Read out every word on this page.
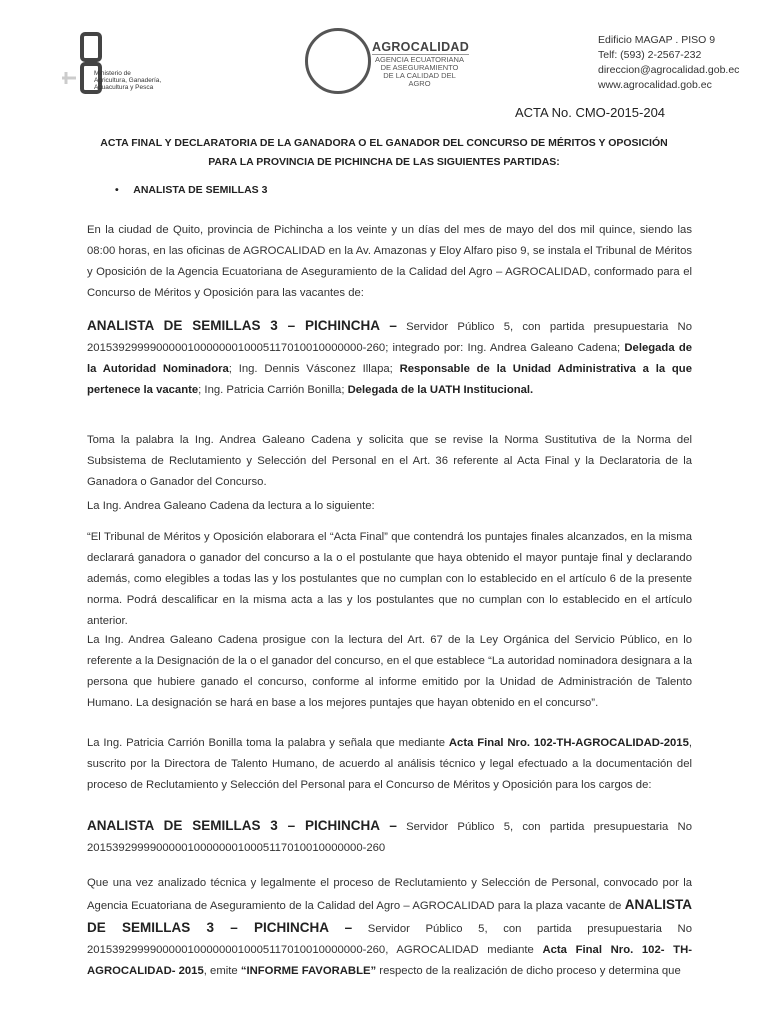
Ministerio de
Agricultura, Ganadería,
Acuacultura y Pesca
AGROCALIDAD
AGENCIA ECUATORIANA
DE ASEGURAMIENTO
DE LA CALIDAD DEL AGRO
Edificio MAGAP . PISO 9
Telf: (593) 2-2567-232
direccion@agrocalidad.gob.ec
www.agrocalidad.gob.ec
ACTA No. CMO-2015-204
ACTA FINAL Y DECLARATORIA DE LA GANADORA O EL GANADOR DEL CONCURSO DE MÉRITOS Y OPOSICIÓN
PARA LA PROVINCIA DE PICHINCHA DE LAS SIGUIENTES PARTIDAS:
•     ANALISTA DE SEMILLAS 3
En la ciudad de Quito, provincia de Pichincha a los veinte y un días del mes de mayo del dos mil quince, siendo las 08:00 horas, en las oficinas de AGROCALIDAD en la Av. Amazonas y Eloy Alfaro piso 9, se instala el Tribunal de Méritos y Oposición de la Agencia Ecuatoriana de Aseguramiento de la Calidad del Agro – AGROCALIDAD, conformado para el Concurso de Méritos y Oposición para las vacantes de:
ANALISTA DE SEMILLAS 3 – PICHINCHA – Servidor Público 5, con partida presupuestaria No 20153929999000001000000010005117010010000000-260; integrado por: Ing. Andrea Galeano Cadena; Delegada de la Autoridad Nominadora; Ing. Dennis Vásconez Illapa; Responsable de la Unidad Administrativa a la que pertenece la vacante; Ing. Patricia Carrión Bonilla; Delegada de la UATH Institucional.
Toma la palabra la Ing. Andrea Galeano Cadena y solicita que se revise la Norma Sustitutiva de la Norma del Subsistema de Reclutamiento y Selección del Personal en el Art. 36 referente al Acta Final y la Declaratoria de la Ganadora o Ganador del Concurso.
La Ing. Andrea Galeano Cadena da lectura a lo siguiente:
“El Tribunal de Méritos y Oposición elaborara el “Acta Final” que contendrá los puntajes finales alcanzados, en la misma declarará ganadora o ganador del concurso a la o el postulante que haya obtenido el mayor puntaje final y declarando además, como elegibles a todas las y los postulantes que no cumplan con lo establecido en el artículo 6 de la presente norma. Podrá descalificar en la misma acta a las y los postulantes que no cumplan con lo establecido en el artículo anterior.
La Ing. Andrea Galeano Cadena prosigue con la lectura del Art. 67 de la Ley Orgánica del Servicio Público, en lo referente a la Designación de la o el ganador del concurso, en el que establece “La autoridad nominadora designara a la persona que hubiere ganado el concurso, conforme al informe emitido por la Unidad de Administración de Talento Humano. La designación se hará en base a los mejores puntajes que hayan obtenido en el concurso”.
La Ing. Patricia Carrión Bonilla toma la palabra y señala que mediante Acta Final Nro. 102-TH-AGROCALIDAD-2015, suscrito por la Directora de Talento Humano, de acuerdo al análisis técnico y legal efectuado a la documentación del proceso de Reclutamiento y Selección del Personal para el Concurso de Méritos y Oposición para los cargos de:
ANALISTA DE SEMILLAS 3 – PICHINCHA – Servidor Público 5, con partida presupuestaria No 20153929999000001000000010005117010010000000-260
Que una vez analizado técnica y legalmente el proceso de Reclutamiento y Selección de Personal, convocado por la Agencia Ecuatoriana de Aseguramiento de la Calidad del Agro – AGROCALIDAD para la plaza vacante de ANALISTA DE SEMILLAS 3 – PICHINCHA – Servidor Público 5, con partida presupuestaria No 20153929999000001000000010005117010010000000-260, AGROCALIDAD mediante Acta Final Nro. 102- TH-AGROCALIDAD- 2015, emite “INFORME FAVORABLE” respecto de la realización de dicho proceso y determina que
